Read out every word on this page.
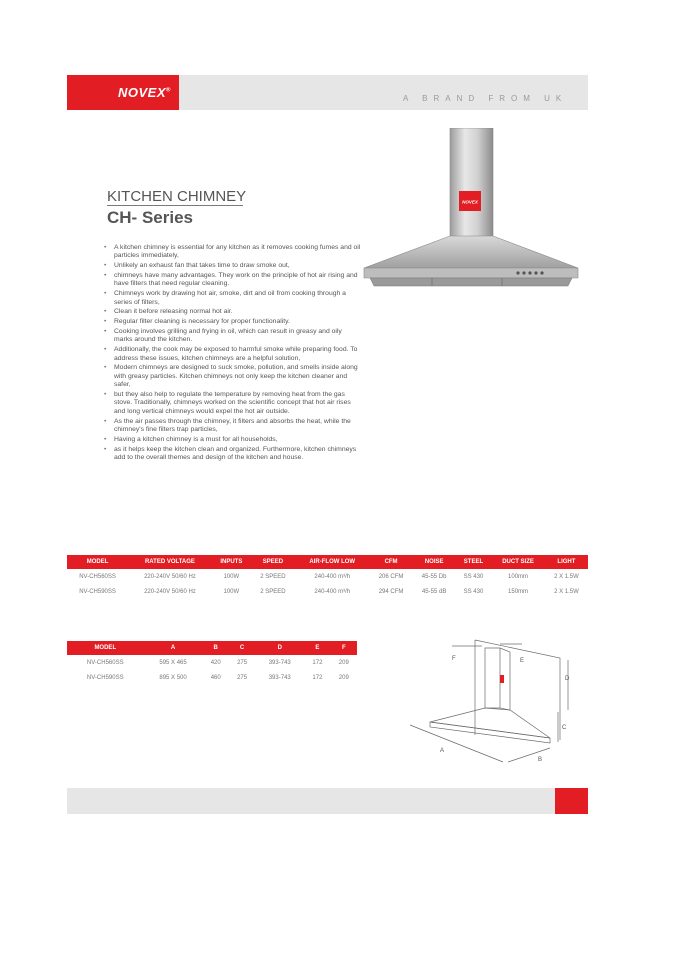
NOVEX®
A BRAND FROM UK
KITCHEN CHIMNEY
CH- Series
• A kitchen chimney is essential for any kitchen as it removes cooking fumes and oil particles immediately,
• Unlikely an exhaust fan that takes time to draw smoke out,
• chimneys have many advantages. They work on the principle of hot air rising and have filters that need regular cleaning.
• Chimneys work by drawing hot air, smoke, dirt and oil from cooking through a series of filters,
• Clean it before releasing normal hot air.
• Regular filter cleaning is necessary for proper functionality.
• Cooking involves grilling and frying in oil, which can result in greasy and oily marks around the kitchen.
• Additionally, the cook may be exposed to harmful smoke while preparing food. To address these issues, kitchen chimneys are a helpful solution,
• Modern chimneys are designed to suck smoke, pollution, and smells inside along with greasy particles. Kitchen chimneys not only keep the kitchen cleaner and safer,
• but they also help to regulate the temperature by removing heat from the gas stove. Traditionally, chimneys worked on the scientific concept that hot air rises and long vertical chimneys would expel the hot air outside.
• As the air passes through the chimney, it filters and absorbs the heat, while the chimney's fine filters trap particles,
• Having a kitchen chimney is a must for all households,
• as it helps keep the kitchen clean and organized. Furthermore, kitchen chimneys add to the overall themes and design of the kitchen and house.
NOVEX
MODEL	RATED VOLTAGE	INPUTS	SPEED	AIR-FLOW LOW	CFM	NOISE	STEEL	DUCT SIZE	LIGHT
NV-CH560SS	220-240V 50/60 Hz	100W	2 SPEED	240-400 m³/h	206 CFM	45-55 Db	SS 430	100mm	2 X 1.5W
NV-CH590SS	220-240V 50/60 Hz	100W	2 SPEED	240-400 m³/h	294 CFM	45-55 dB	SS 430	150mm	2 X 1.5W
MODEL	A	B	C	D	E	F
NV-CH560SS	595 X 465	420	275	393-743	172	209
NV-CH590SS	895 X 500	460	275	393-743	172	209
A
B
C
D
E
F
